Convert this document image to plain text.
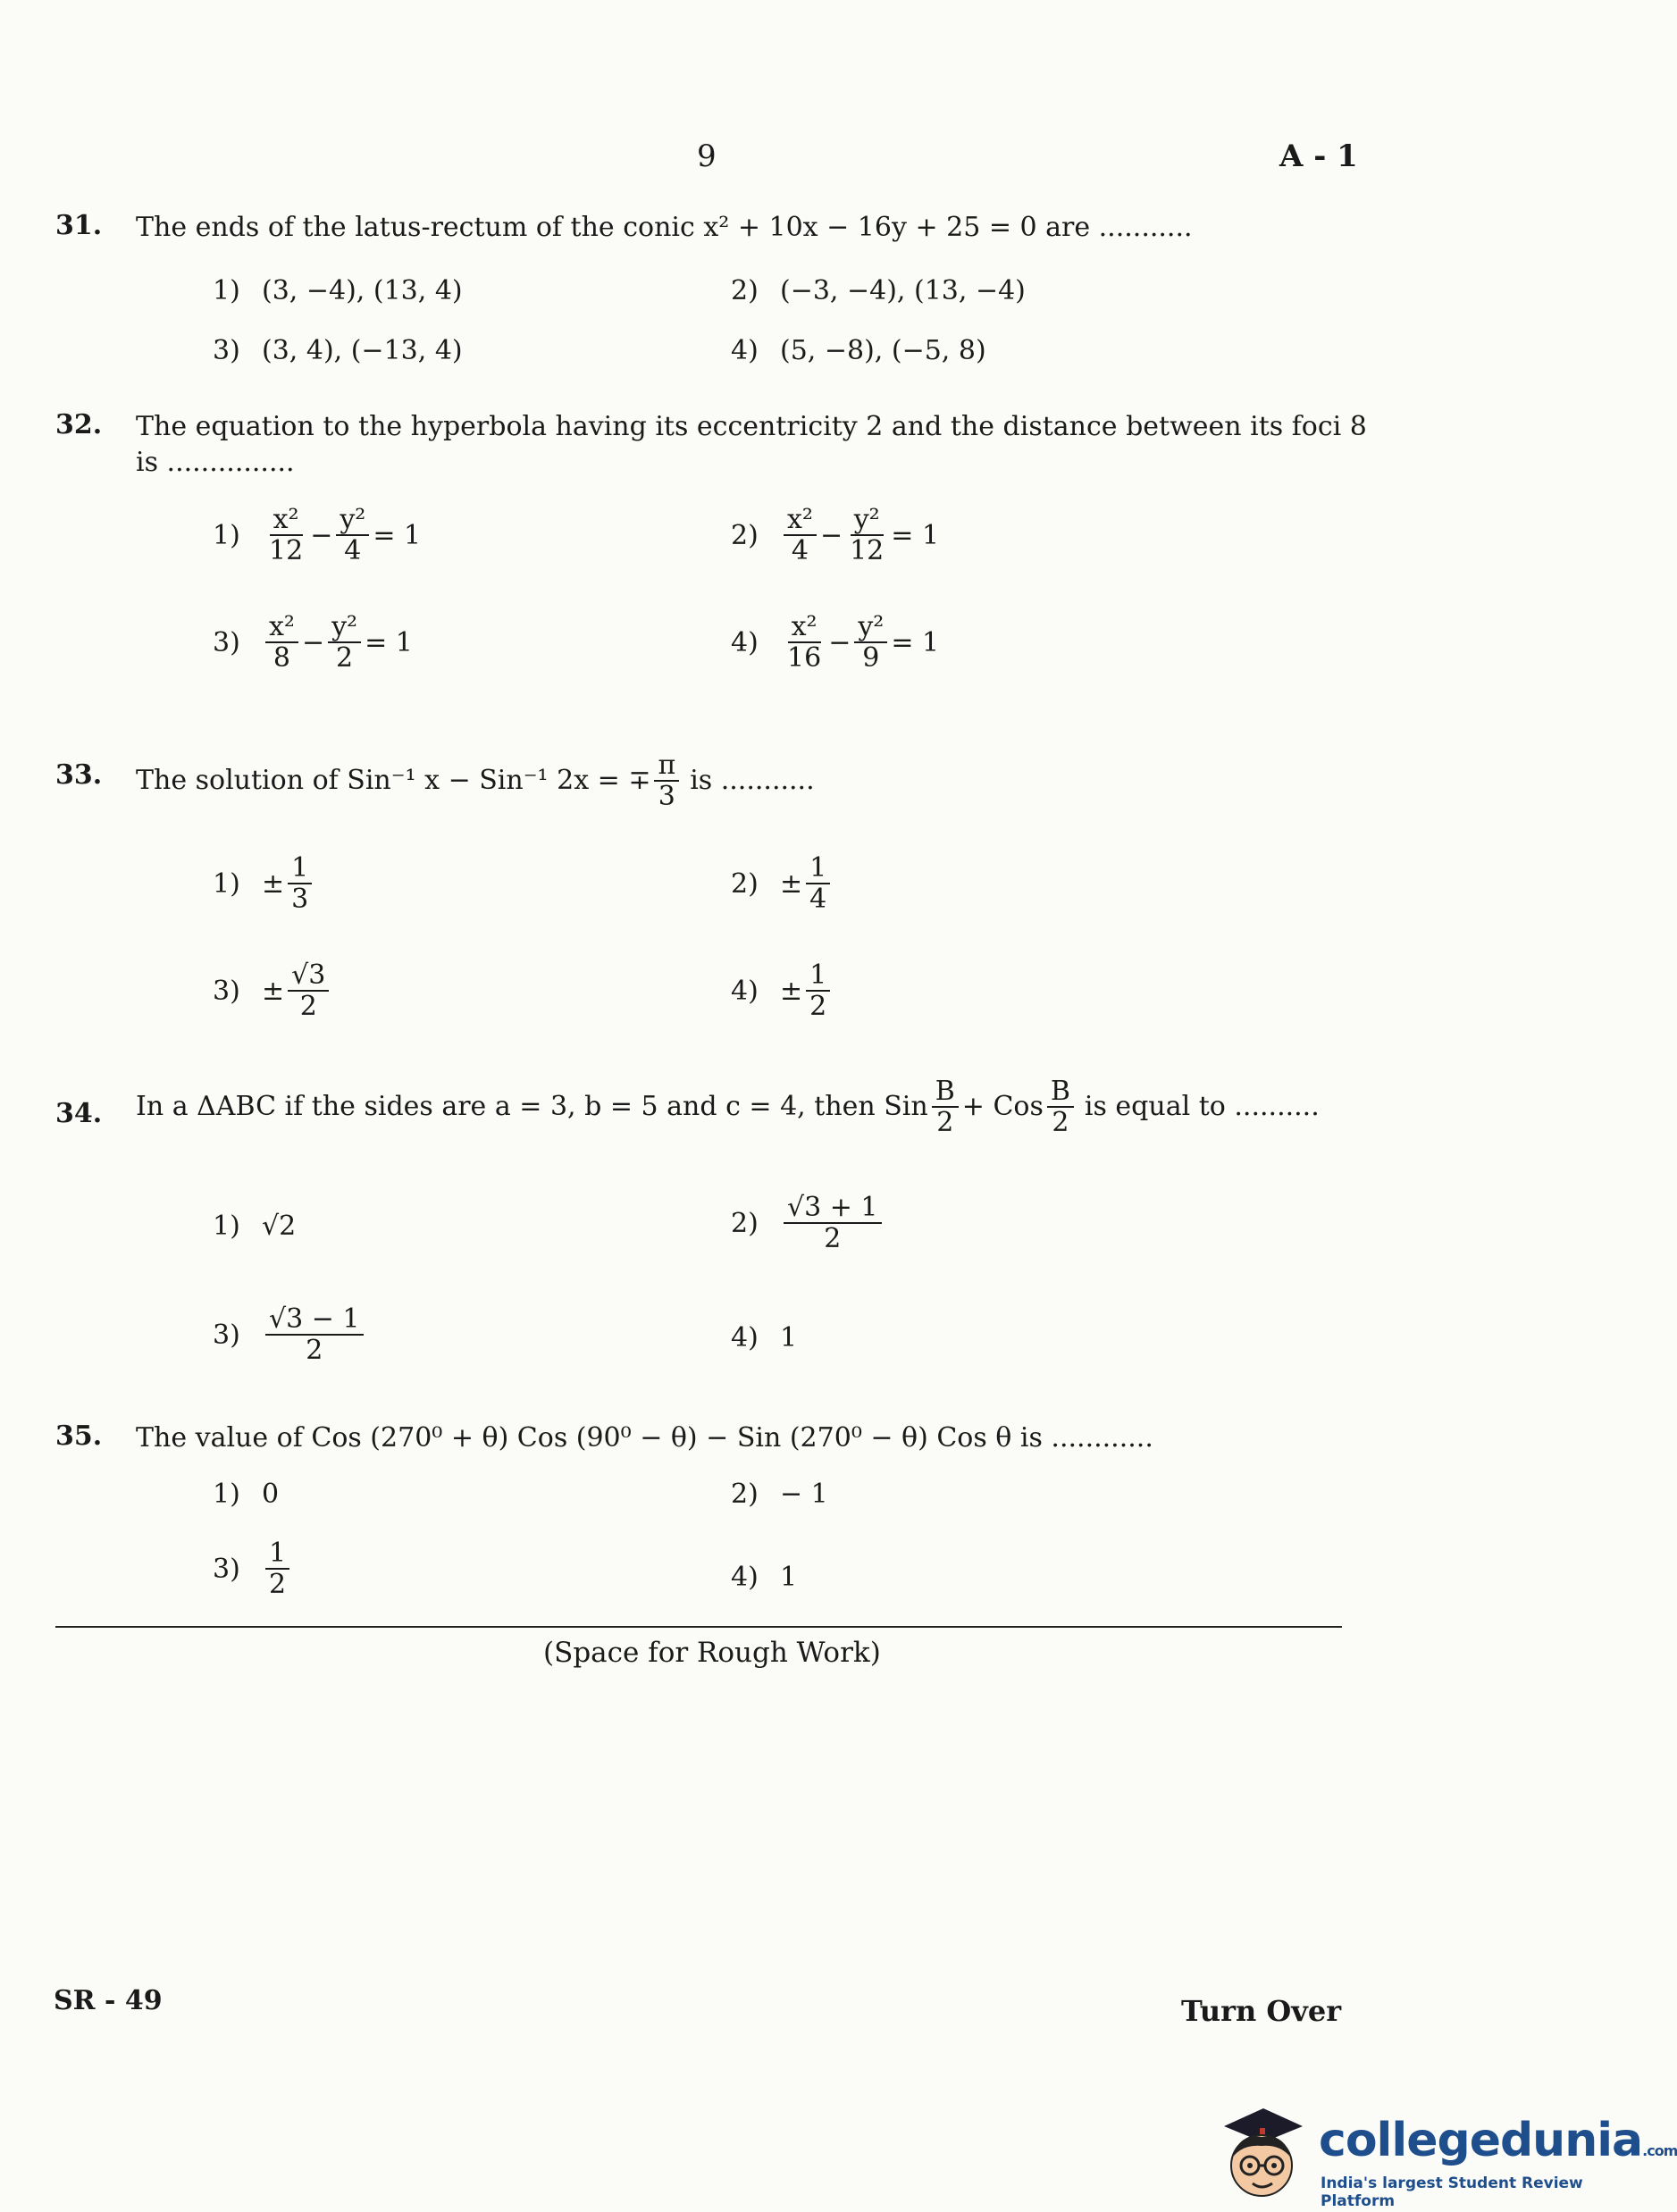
9	A - 1
31. The ends of the latus-rectum of the conic x² + 10x − 16y + 25 = 0 are ...........
1) (3, −4), (13, 4)	2) (−3, −4), (13, −4)
3) (3, 4), (−13, 4)	4) (5, −8), (−5, 8)
32. The equation to the hyperbola having its eccentricity 2 and the distance between its foci 8 is ...............
$1) \frac{\text{x²}}{12} - \frac{\text{y²}}{4} = 1$	$2) \frac{\text{x²}}{4} - \frac{\text{y²}}{12} = 1$
$3) \frac{\text{x²}}{8} - \frac{\text{y²}}{2} = 1$	$4) \frac{\text{x²}}{16} - \frac{\text{y²}}{9} = 1$
33. The solution of Sin⁻¹ x − Sin⁻¹ 2x = ∓ $\frac{\pi}{3}$ is ...........
$1) \pm \frac{1}{3}$	$2) \pm \frac{1}{4}$
$3) \pm \frac{√3}{2}$	$4) \pm \frac{1}{2}$
34. In a ΔABC if the sides are a = 3, b = 5 and c = 4, then Sin $\frac{B}{2}$ + Cos $\frac{B}{2}$ is equal to ..........
1) √2	$2) \frac{√3 + 1}{2}$
$3) \frac{√3 - 1}{2}$	4) 1
35. The value of Cos (270⁰ + θ) Cos (90⁰ − θ) − Sin (270⁰ − θ) Cos θ is ............
1) 0	2) − 1
$3) \frac{1}{2}$	4) 1
(Space for Rough Work)
SR - 49	Turn Over
collegedunia.com
India's largest Student Review Platform
